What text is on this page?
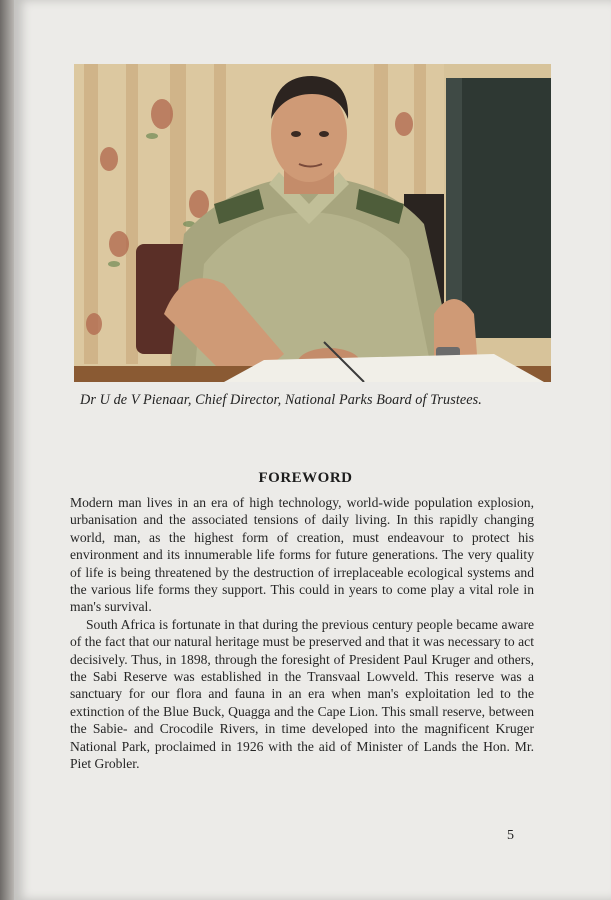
Dr U de V Pienaar, Chief Director, National Parks Board of Trustees.
FOREWORD

Modern man lives in an era of high technology, world-wide population explosion, urbanisation and the associated tensions of daily living. In this rapidly changing world, man, as the highest form of creation, must endeavour to protect his environment and its innumerable life forms for future generations. The very quality of life is being threatened by the destruction of irreplaceable ecological systems and the various life forms they support. This could in years to come play a vital role in man's survival.

South Africa is fortunate in that during the previous century people became aware of the fact that our natural heritage must be preserved and that it was necessary to act decisively. Thus, in 1898, through the foresight of President Paul Kruger and others, the Sabi Reserve was established in the Transvaal Lowveld. This reserve was a sanctuary for our flora and fauna in an era when man's exploitation led to the extinction of the Blue Buck, Quagga and the Cape Lion. This small reserve, between the Sabie- and Crocodile Rivers, in time developed into the magnificent Kruger National Park, proclaimed in 1926 with the aid of Minister of Lands the Hon. Mr. Piet Grobler.

5
